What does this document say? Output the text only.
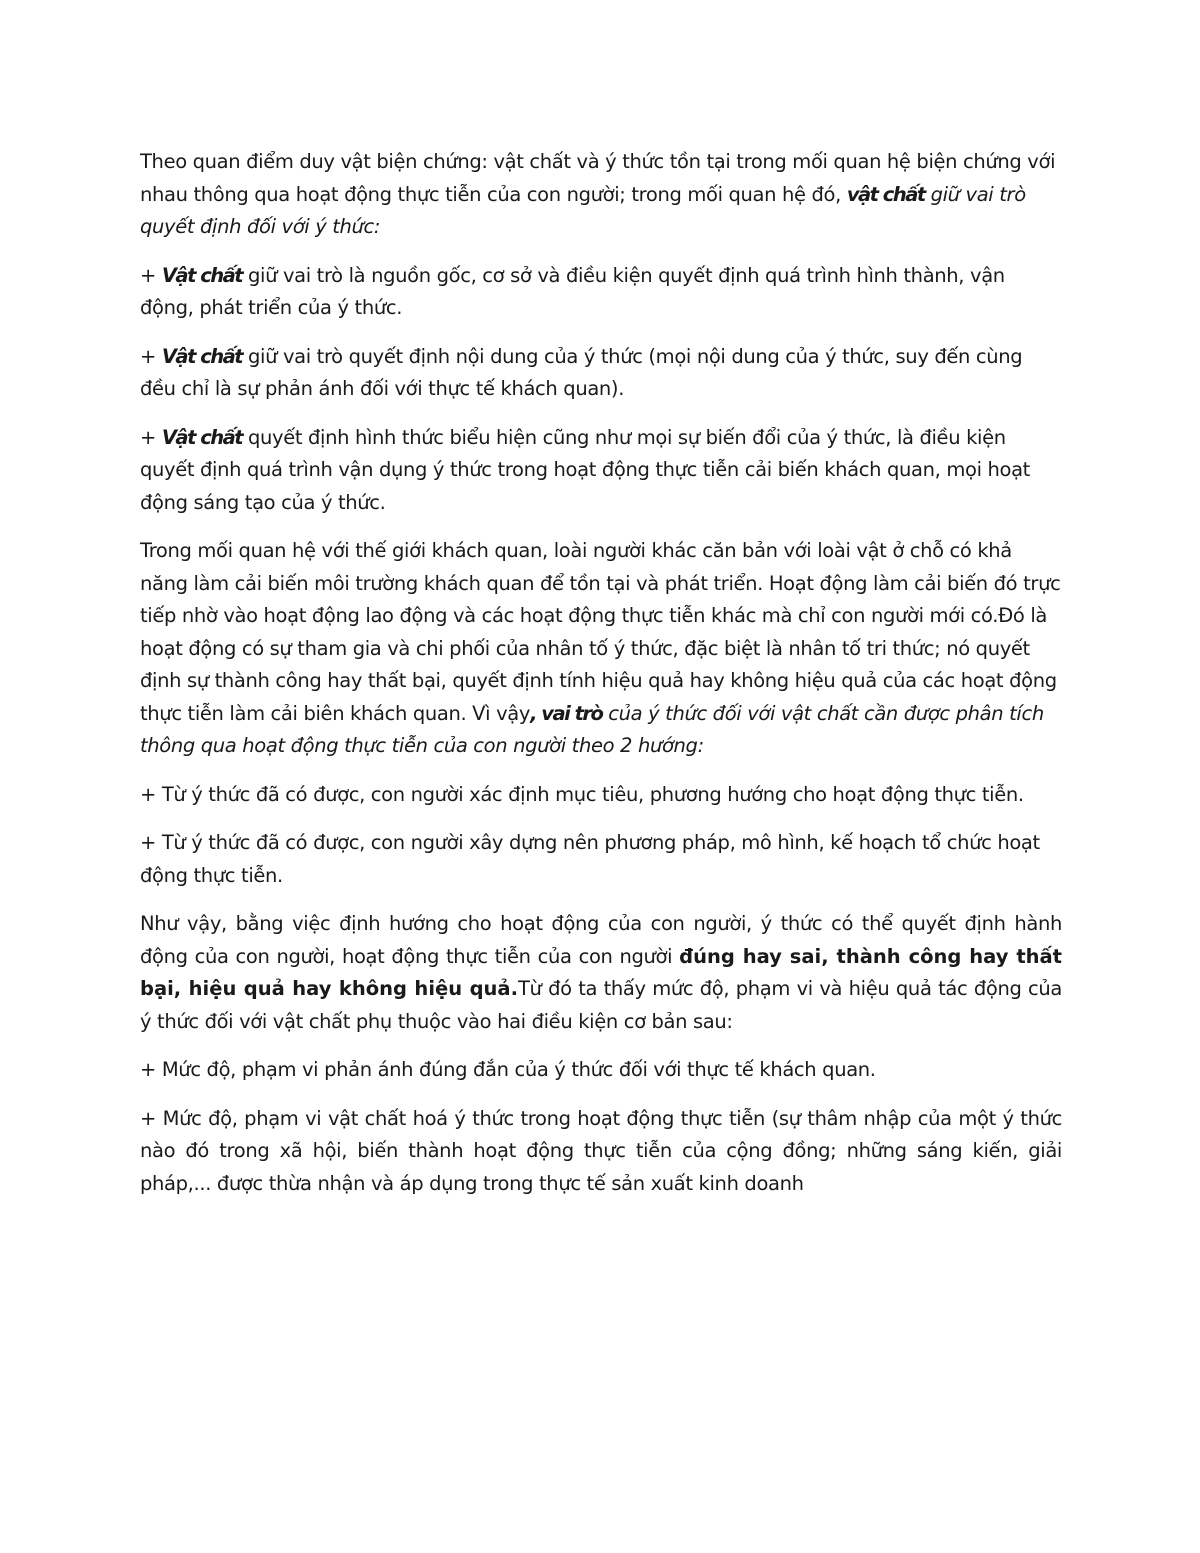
Theo quan điểm duy vật biện chứng: vật chất và ý thức tồn tại trong mối quan hệ biện chứng với nhau thông qua hoạt động thực tiễn của con người; trong mối quan hệ đó, vật chất giữ vai trò quyết định đối với ý thức:

+ Vật chất giữ vai trò là nguồn gốc, cơ sở và điều kiện quyết định quá trình hình thành, vận động, phát triển của ý thức.

+ Vật chất giữ vai trò quyết định nội dung của ý thức (mọi nội dung của ý thức, suy đến cùng đều chỉ là sự phản ánh đối với thực tế khách quan).

+ Vật chất quyết định hình thức biểu hiện cũng như mọi sự biến đổi của ý thức, là điều kiện quyết định quá trình vận dụng ý thức trong hoạt động thực tiễn cải biến khách quan, mọi hoạt động sáng tạo của ý thức.

Trong mối quan hệ với thế giới khách quan, loài người khác căn bản với loài vật ở chỗ có khả năng làm cải biến môi trường khách quan để tồn tại và phát triển. Hoạt động làm cải biến đó trực tiếp nhờ vào hoạt động lao động và các hoạt động thực tiễn khác mà chỉ con người mới có.Đó là hoạt động có sự tham gia và chi phối của nhân tố ý thức, đặc biệt là nhân tố tri thức; nó quyết định sự thành công hay thất bại, quyết định tính hiệu quả hay không hiệu quả của các hoạt động thực tiễn làm cải biên khách quan. Vì vậy, vai trò của ý thức đối với vật chất cần được phân tích thông qua hoạt động thực tiễn của con người theo 2 hướng:

+ Từ ý thức đã có được, con người xác định mục tiêu, phương hướng cho hoạt động thực tiễn.

+ Từ ý thức đã có được, con người xây dựng nên phương pháp, mô hình, kế hoạch tổ chức hoạt động thực tiễn.

Như vậy, bằng việc định hướng cho hoạt động của con người, ý thức có thể quyết định hành động của con người, hoạt động thực tiễn của con người đúng hay sai, thành công hay thất bại, hiệu quả hay không hiệu quả.Từ đó ta thấy mức độ, phạm vi và hiệu quả tác động của ý thức đối với vật chất phụ thuộc vào hai điều kiện cơ bản sau:

+ Mức độ, phạm vi phản ánh đúng đắn của ý thức đối với thực tế khách quan.

+ Mức độ, phạm vi vật chất hoá ý thức trong hoạt động thực tiễn (sự thâm nhập của một ý thức nào đó trong xã hội, biến thành hoạt động thực tiễn của cộng đồng; những sáng kiến, giải pháp,... được thừa nhận và áp dụng trong thực tế sản xuất kinh doanh
